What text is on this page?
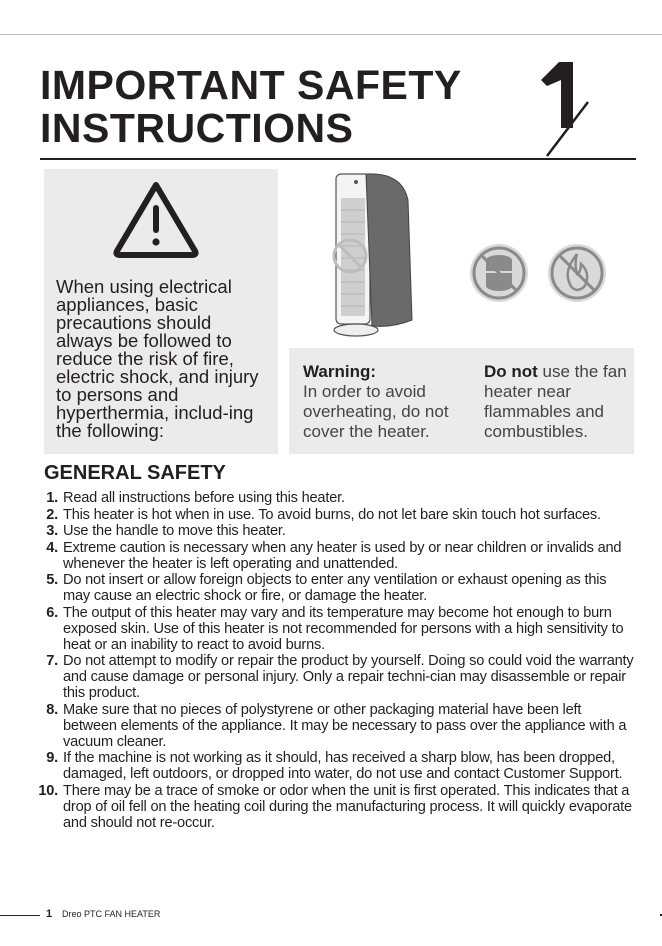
IMPORTANT SAFETY
INSTRUCTIONS

When using electrical appliances, basic precautions should always be followed to reduce the risk of fire, electric shock, and injury to persons and hyperthermia, includ-ing the following:

Warning:
In order to avoid overheating, do not cover the heater.
Do not use the fan heater near flammables and combustibles.
GENERAL SAFETY
1. Read all instructions before using this heater.
2. This heater is hot when in use. To avoid burns, do not let bare skin touch hot surfaces.
3. Use the handle to move this heater.
4. Extreme caution is necessary when any heater is used by or near children or invalids and whenever the heater is left operating and unattended.
5. Do not insert or allow foreign objects to enter any ventilation or exhaust opening as this may cause an electric shock or fire, or damage the heater.
6. The output of this heater may vary and its temperature may become hot enough to burn exposed skin. Use of this heater is not recommended for persons with a high sensitivity to heat or an inability to react to avoid burns.
7. Do not attempt to modify or repair the product by yourself. Doing so could void the warranty and cause damage or personal injury. Only a repair techni-cian may disassemble or repair this product.
8. Make sure that no pieces of polystyrene or other packaging material have been left between elements of the appliance. It may be necessary to pass over the appliance with a vacuum cleaner.
9. If the machine is not working as it should, has received a sharp blow, has been dropped, damaged, left outdoors, or dropped into water, do not use and contact Customer Support.
10. There may be a trace of smoke or odor when the unit is first operated. This indicates that a drop of oil fell on the heating coil during the manufacturing process. It will quickly evaporate and should not re-occur.
1 Dreo PTC FAN HEATER
